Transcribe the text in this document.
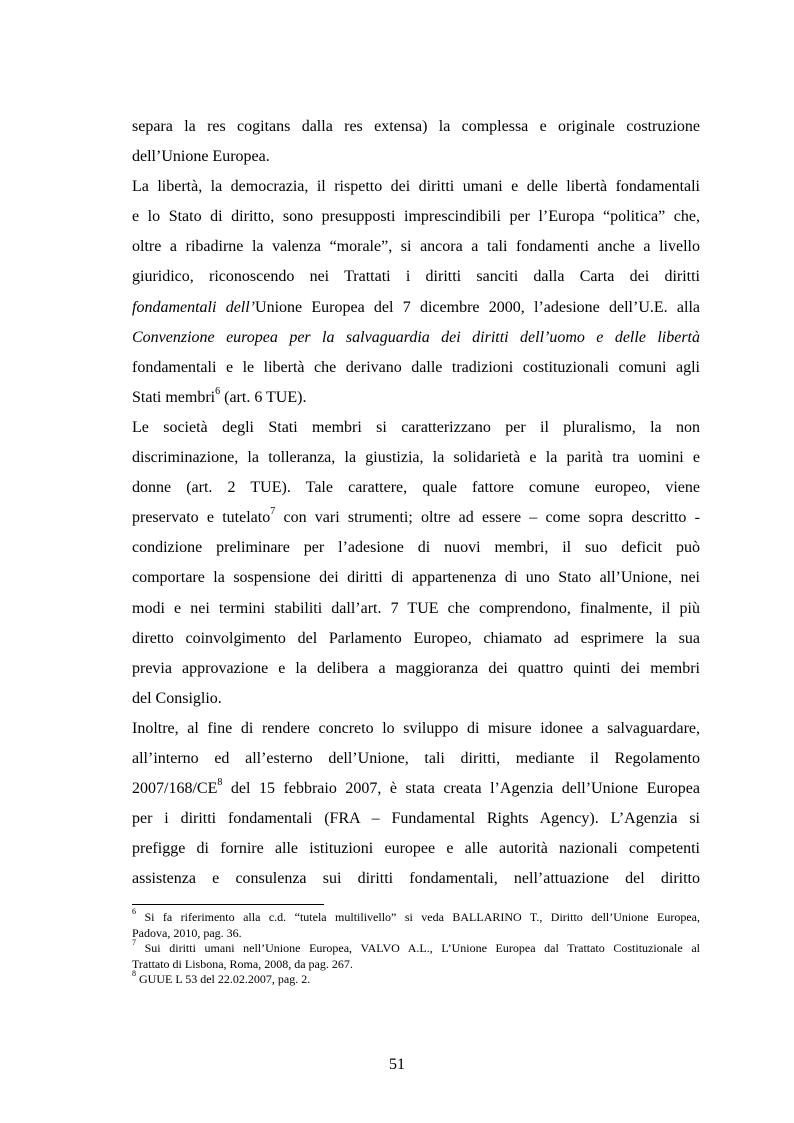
separa la res cogitans dalla res extensa) la complessa e originale costruzione
dell’Unione Europea.
La libertà, la democrazia, il rispetto dei diritti umani e delle libertà fondamentali
e lo Stato di diritto, sono presupposti imprescindibili per l’Europa “politica” che,
oltre a ribadirne la valenza “morale”, si ancora a tali fondamenti anche a livello
giuridico, riconoscendo nei Trattati i diritti sanciti dalla Carta dei diritti
fondamentali dell’Unione Europea del 7 dicembre 2000, l’adesione dell’U.E. alla
Convenzione europea per la salvaguardia dei diritti dell’uomo e delle libertà
fondamentali e le libertà che derivano dalle tradizioni costituzionali comuni agli
Stati membri$^6$ (art. 6 TUE).
Le società degli Stati membri si caratterizzano per il pluralismo, la non
discriminazione, la tolleranza, la giustizia, la solidarietà e la parità tra uomini e
donne (art. 2 TUE). Tale carattere, quale fattore comune europeo, viene
preservato e tutelato$^7$ con vari strumenti; oltre ad essere – come sopra descritto -
condizione preliminare per l’adesione di nuovi membri, il suo deficit può
comportare la sospensione dei diritti di appartenenza di uno Stato all’Unione, nei
modi e nei termini stabiliti dall’art. 7 TUE che comprendono, finalmente, il più
diretto coinvolgimento del Parlamento Europeo, chiamato ad esprimere la sua
previa approvazione e la delibera a maggioranza dei quattro quinti dei membri
del Consiglio.
Inoltre, al fine di rendere concreto lo sviluppo di misure idonee a salvaguardare,
all’interno ed all’esterno dell’Unione, tali diritti, mediante il Regolamento
$2007/168/CE^8$ del 15 febbraio 2007, è stata creata l’Agenzia dell’Unione Europea
per i diritti fondamentali (FRA – Fundamental Rights Agency). L’Agenzia si
prefigge di fornire alle istituzioni europee e alle autorità nazionali competenti
assistenza e consulenza sui diritti fondamentali, nell’attuazione del diritto
$^6$ Si fa riferimento alla c.d. “tutela multilivello” si veda BALLARINO T., Diritto dell’Unione Europea,
Padova, 2010, pag. 36.
$^7$ Sui diritti umani nell’Unione Europea, VALVO A.L., L’Unione Europea dal Trattato Costituzionale al
Trattato di Lisbona, Roma, 2008, da pag. 267.
$^8$ GUUE L 53 del 22.02.2007, pag. 2.
51
